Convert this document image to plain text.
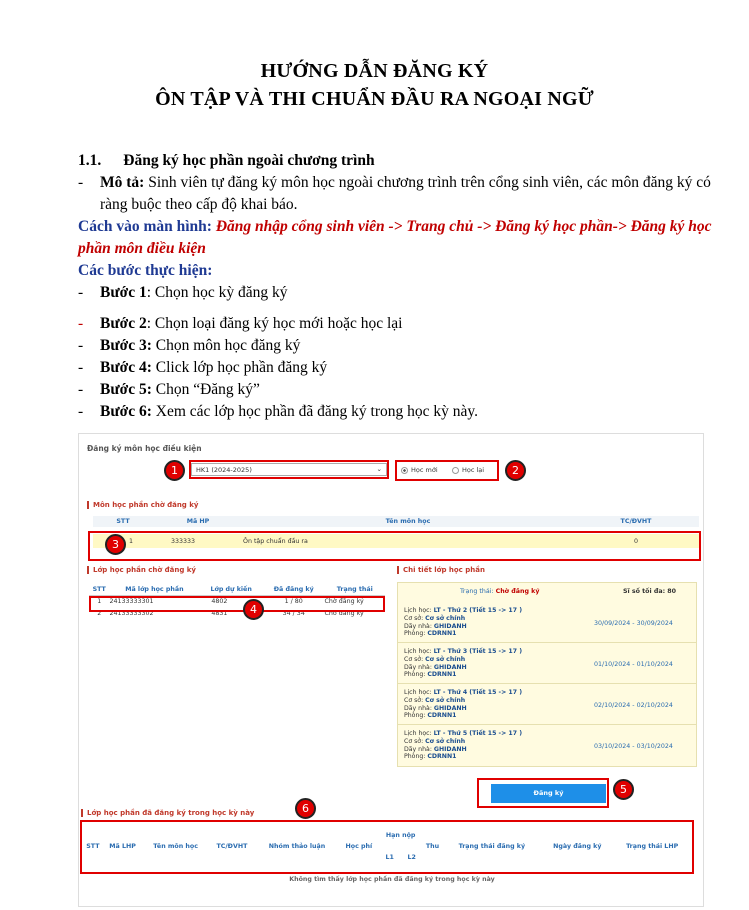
HƯỚNG DẪN ĐĂNG KÝ
ÔN TẬP VÀ THI CHUẨN ĐẦU RA NGOẠI NGỮ
1.1. Đăng ký học phần ngoài chương trình
-	Mô tả: Sinh viên tự đăng ký môn học ngoài chương trình trên cổng sinh viên, các môn đăng ký có ràng buộc theo cấp độ khai báo.
Cách vào màn hình: Đăng nhập cổng sinh viên -> Trang chủ -> Đăng ký học phần-> Đăng ký học phần môn điều kiện
Các bước thực hiện:
-	Bước 1: Chọn học kỳ đăng ký
-	Bước 2: Chọn loại đăng ký học mới hoặc học lại
-	Bước 3: Chọn môn học đăng ký
-	Bước 4: Click lớp học phần đăng ký
-	Bước 5: Chọn “Đăng ký”
-	Bước 6: Xem các lớp học phần đã đăng ký trong học kỳ này.
Đăng ký môn học điều kiện
HK1 (2024-2025)	⌄
1	Học mới	Học lại	2
Môn học phần chờ đăng ký
STT	Mã HP	Tên môn học	TC/ĐVHT

1	333333	Ôn tập chuẩn đầu ra	0
3
Lớp học phần chờ đăng ký
STT	Mã lớp học phần	Lớp dự kiến	Đã đăng ký	Trạng thái
1	24133333301	4802	1 / 80	Chờ đăng ký
2	24133333302	4831	34 / 34	Chờ đăng ký
4
Chi tiết lớp học phần
Trạng thái: Chờ đăng ký	Sĩ số tối đa: 80
Lịch học: LT - Thứ 2 (Tiết 15 -> 17 )
Cơ sở: Cơ sở chính
Dãy nhà: GHIDANH
Phòng: CDRNN1
30/09/2024 - 30/09/2024
Lịch học: LT - Thứ 3 (Tiết 15 -> 17 )
Cơ sở: Cơ sở chính
Dãy nhà: GHIDANH
Phòng: CDRNN1
01/10/2024 - 01/10/2024
Lịch học: LT - Thứ 4 (Tiết 15 -> 17 )
Cơ sở: Cơ sở chính
Dãy nhà: GHIDANH
Phòng: CDRNN1
02/10/2024 - 02/10/2024
Lịch học: LT - Thứ 5 (Tiết 15 -> 17 )
Cơ sở: Cơ sở chính
Dãy nhà: GHIDANH
Phòng: CDRNN1
03/10/2024 - 03/10/2024
Đăng ký	5
Lớp học phần đã đăng ký trong học kỳ này	6
STT	Mã LHP	Tên môn học	TC/ĐVHT	Nhóm thảo luận	Học phí	Hạn nộp		Thu	Trạng thái đăng ký	Ngày đăng ký	Trạng thái LHP
						L1	L2				
Không tìm thấy lớp học phần đã đăng ký trong học kỳ này
